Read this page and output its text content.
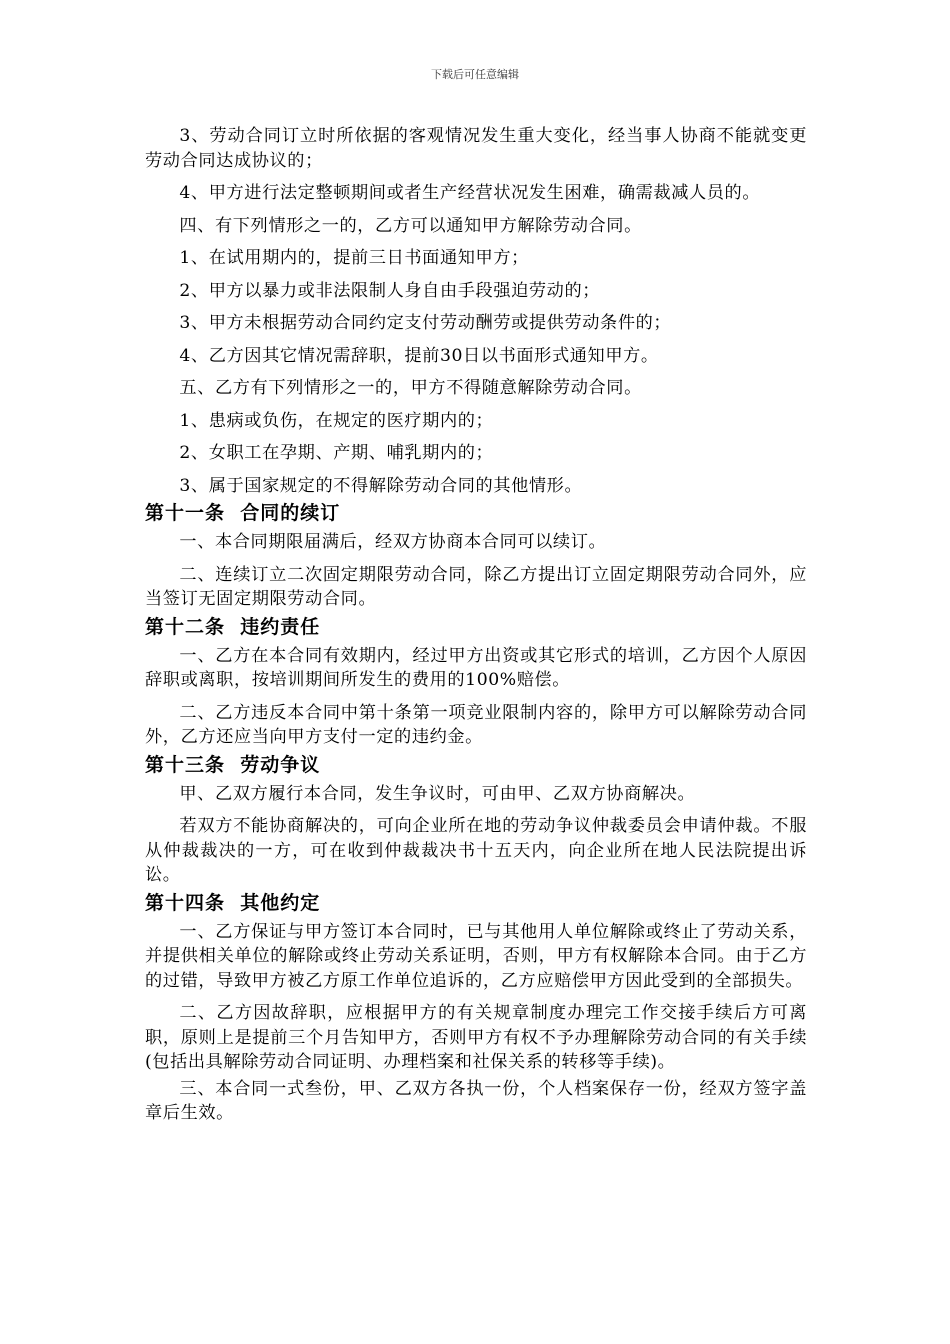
下载后可任意编辑

3、劳动合同订立时所依据的客观情况发生重大变化，经当事人协商不能就变更劳动合同达成协议的；

4、甲方进行法定整顿期间或者生产经营状况发生困难，确需裁减人员的。

四、有下列情形之一的，乙方可以通知甲方解除劳动合同。

1、在试用期内的，提前三日书面通知甲方；

2、甲方以暴力或非法限制人身自由手段强迫劳动的；

3、甲方未根据劳动合同约定支付劳动酬劳或提供劳动条件的；

4、乙方因其它情况需辞职，提前30日以书面形式通知甲方。

五、乙方有下列情形之一的，甲方不得随意解除劳动合同。

1、患病或负伤，在规定的医疗期内的；

2、女职工在孕期、产期、哺乳期内的；

3、属于国家规定的不得解除劳动合同的其他情形。

第十一条  合同的续订

一、本合同期限届满后，经双方协商本合同可以续订。

二、连续订立二次固定期限劳动合同，除乙方提出订立固定期限劳动合同外，应当签订无固定期限劳动合同。

第十二条  违约责任

一、乙方在本合同有效期内，经过甲方出资或其它形式的培训，乙方因个人原因辞职或离职，按培训期间所发生的费用的100%赔偿。

二、乙方违反本合同中第十条第一项竞业限制内容的，除甲方可以解除劳动合同外，乙方还应当向甲方支付一定的违约金。

第十三条  劳动争议

甲、乙双方履行本合同，发生争议时，可由甲、乙双方协商解决。

若双方不能协商解决的，可向企业所在地的劳动争议仲裁委员会申请仲裁。不服从仲裁裁决的一方，可在收到仲裁裁决书十五天内，向企业所在地人民法院提出诉讼。

第十四条  其他约定

一、乙方保证与甲方签订本合同时，已与其他用人单位解除或终止了劳动关系，并提供相关单位的解除或终止劳动关系证明，否则，甲方有权解除本合同。由于乙方的过错，导致甲方被乙方原工作单位追诉的，乙方应赔偿甲方因此受到的全部损失。

二、乙方因故辞职，应根据甲方的有关规章制度办理完工作交接手续后方可离职，原则上是提前三个月告知甲方，否则甲方有权不予办理解除劳动合同的有关手续(包括出具解除劳动合同证明、办理档案和社保关系的转移等手续)。

三、本合同一式叁份，甲、乙双方各执一份，个人档案保存一份，经双方签字盖章后生效。
